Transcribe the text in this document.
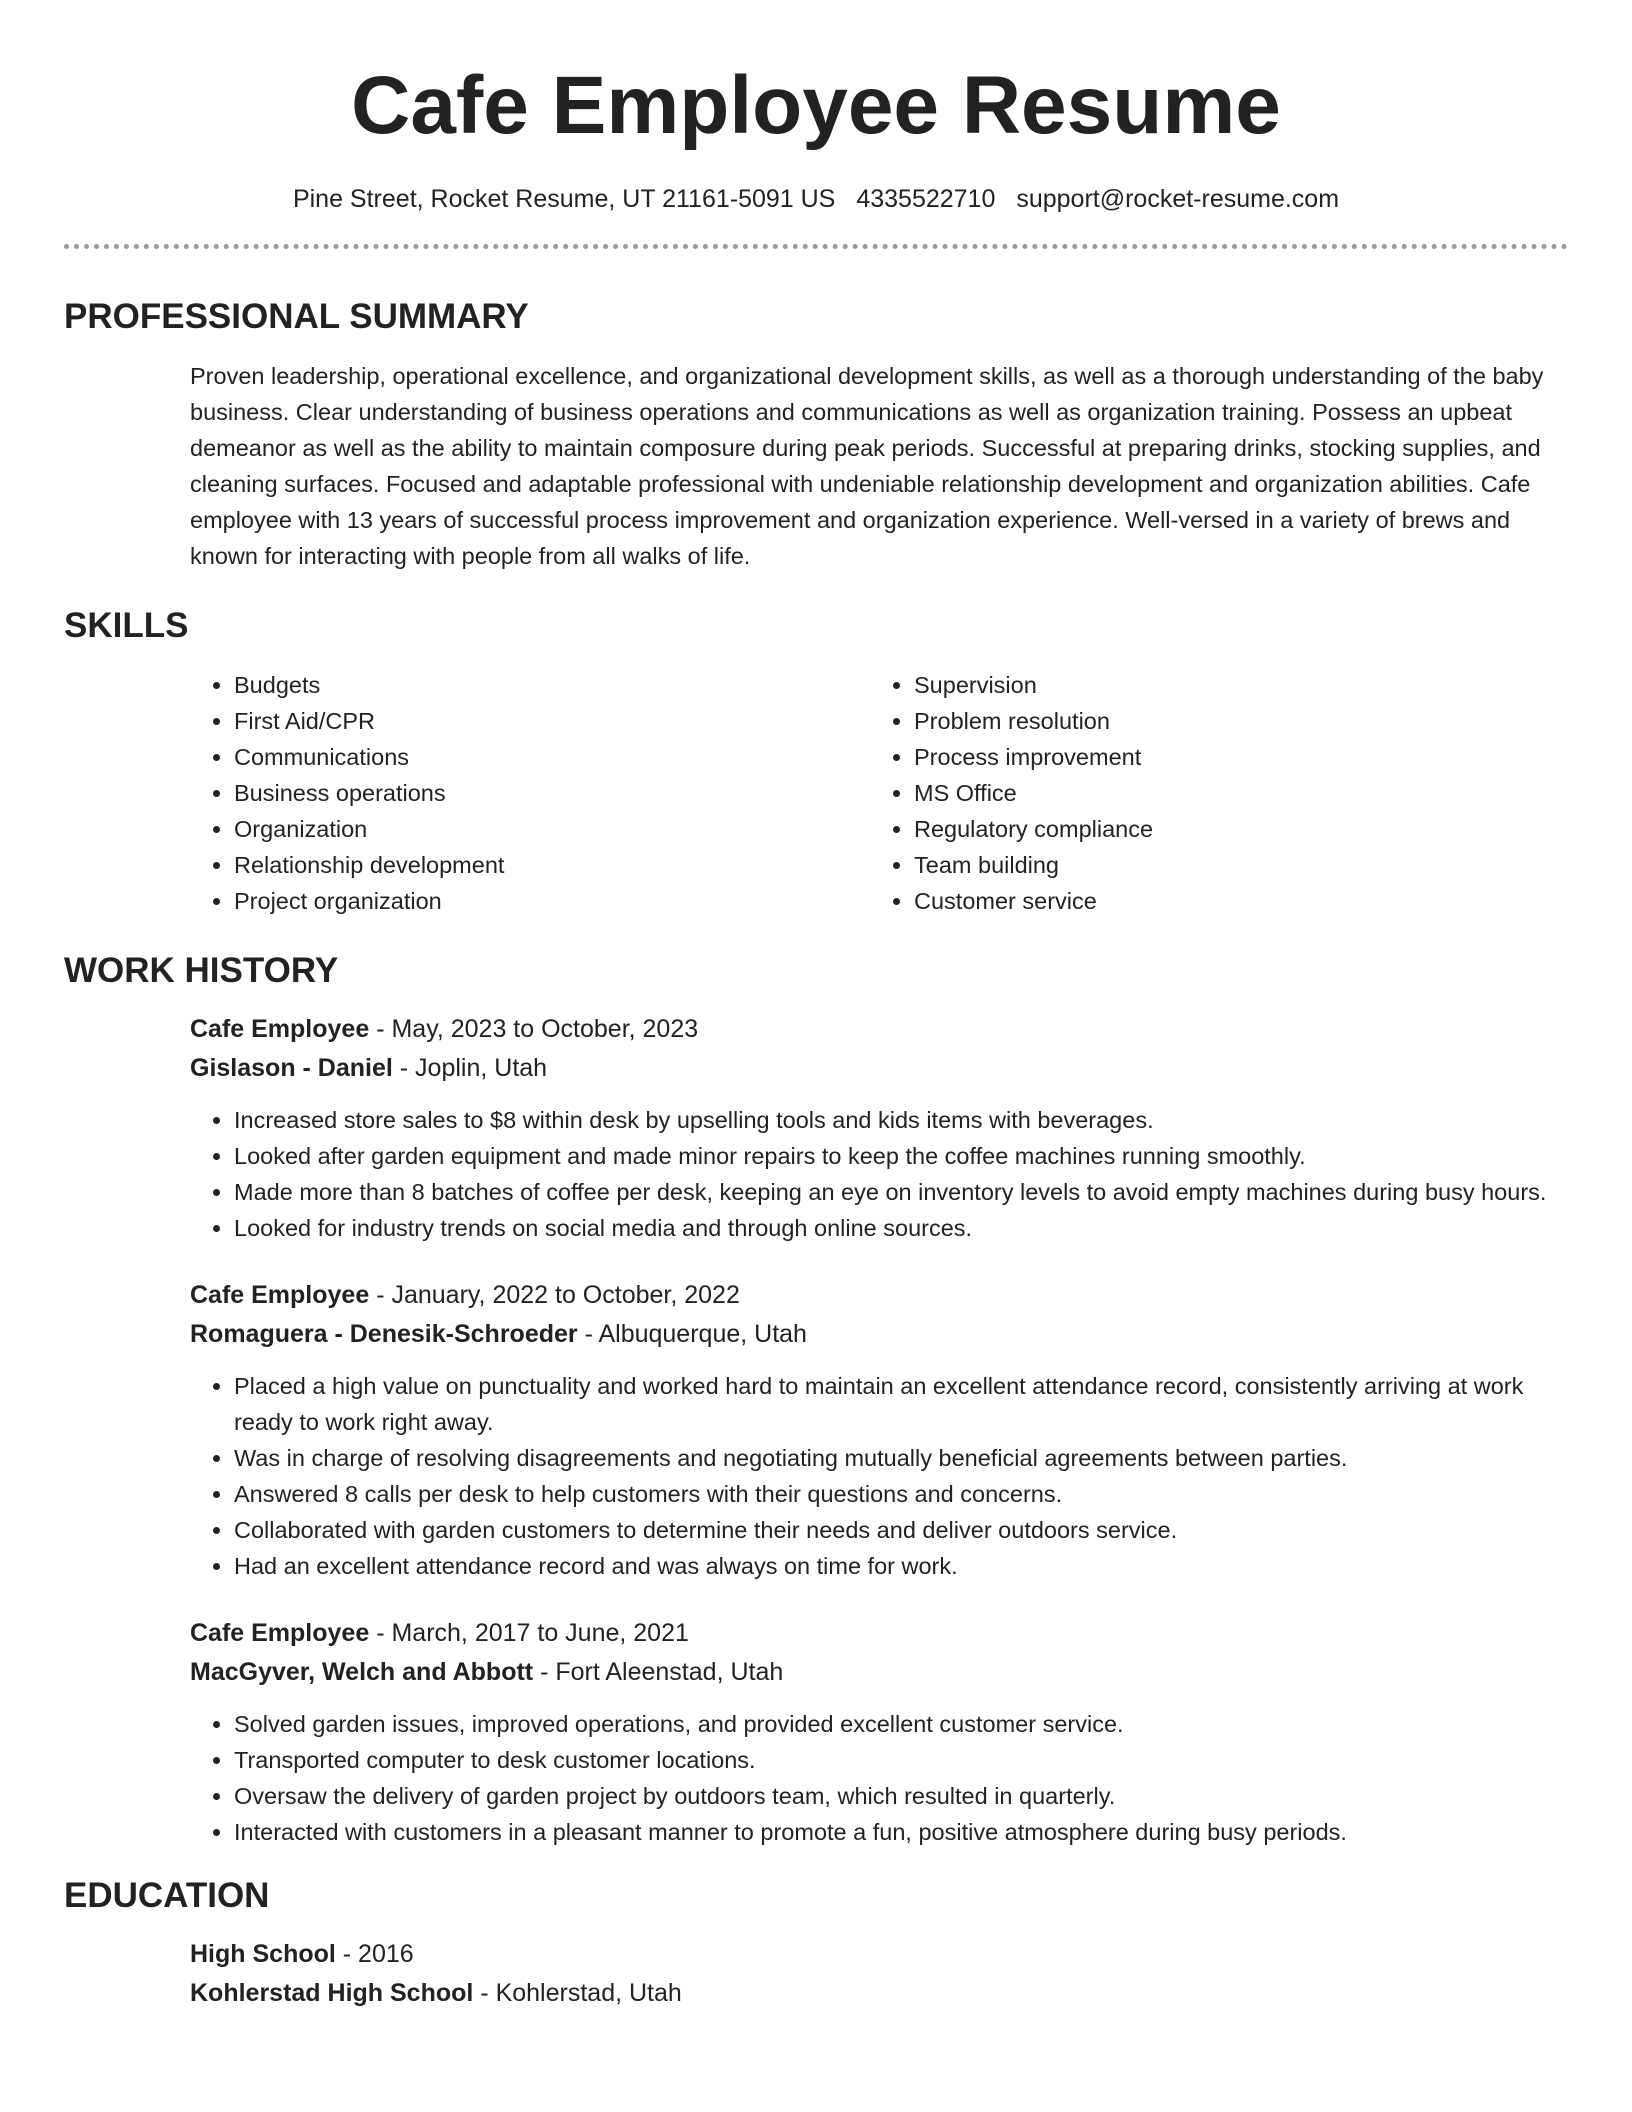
Cafe Employee Resume
Pine Street, Rocket Resume, UT 21161-5091 US 4335522710 support@rocket-resume.com
PROFESSIONAL SUMMARY

Proven leadership, operational excellence, and organizational development skills, as well as a thorough understanding of the baby business. Clear understanding of business operations and communications as well as organization training. Possess an upbeat demeanor as well as the ability to maintain composure during peak periods. Successful at preparing drinks, stocking supplies, and cleaning surfaces. Focused and adaptable professional with undeniable relationship development and organization abilities. Cafe employee with 13 years of successful process improvement and organization experience. Well-versed in a variety of brews and known for interacting with people from all walks of life.

SKILLS
• Budgets
• First Aid/CPR
• Communications
• Business operations
• Organization
• Relationship development
• Project organization
• Supervision
• Problem resolution
• Process improvement
• MS Office
• Regulatory compliance
• Team building
• Customer service
WORK HISTORY
Cafe Employee - May, 2023 to October, 2023
Gislason - Daniel - Joplin, Utah
• Increased store sales to $8 within desk by upselling tools and kids items with beverages.
• Looked after garden equipment and made minor repairs to keep the coffee machines running smoothly.
• Made more than 8 batches of coffee per desk, keeping an eye on inventory levels to avoid empty machines during busy hours.
• Looked for industry trends on social media and through online sources.
Cafe Employee - January, 2022 to October, 2022
Romaguera - Denesik-Schroeder - Albuquerque, Utah
• Placed a high value on punctuality and worked hard to maintain an excellent attendance record, consistently arriving at work ready to work right away.
• Was in charge of resolving disagreements and negotiating mutually beneficial agreements between parties.
• Answered 8 calls per desk to help customers with their questions and concerns.
• Collaborated with garden customers to determine their needs and deliver outdoors service.
• Had an excellent attendance record and was always on time for work.
Cafe Employee - March, 2017 to June, 2021
MacGyver, Welch and Abbott - Fort Aleenstad, Utah
• Solved garden issues, improved operations, and provided excellent customer service.
• Transported computer to desk customer locations.
• Oversaw the delivery of garden project by outdoors team, which resulted in quarterly.
• Interacted with customers in a pleasant manner to promote a fun, positive atmosphere during busy periods.
EDUCATION
High School - 2016
Kohlerstad High School - Kohlerstad, Utah
